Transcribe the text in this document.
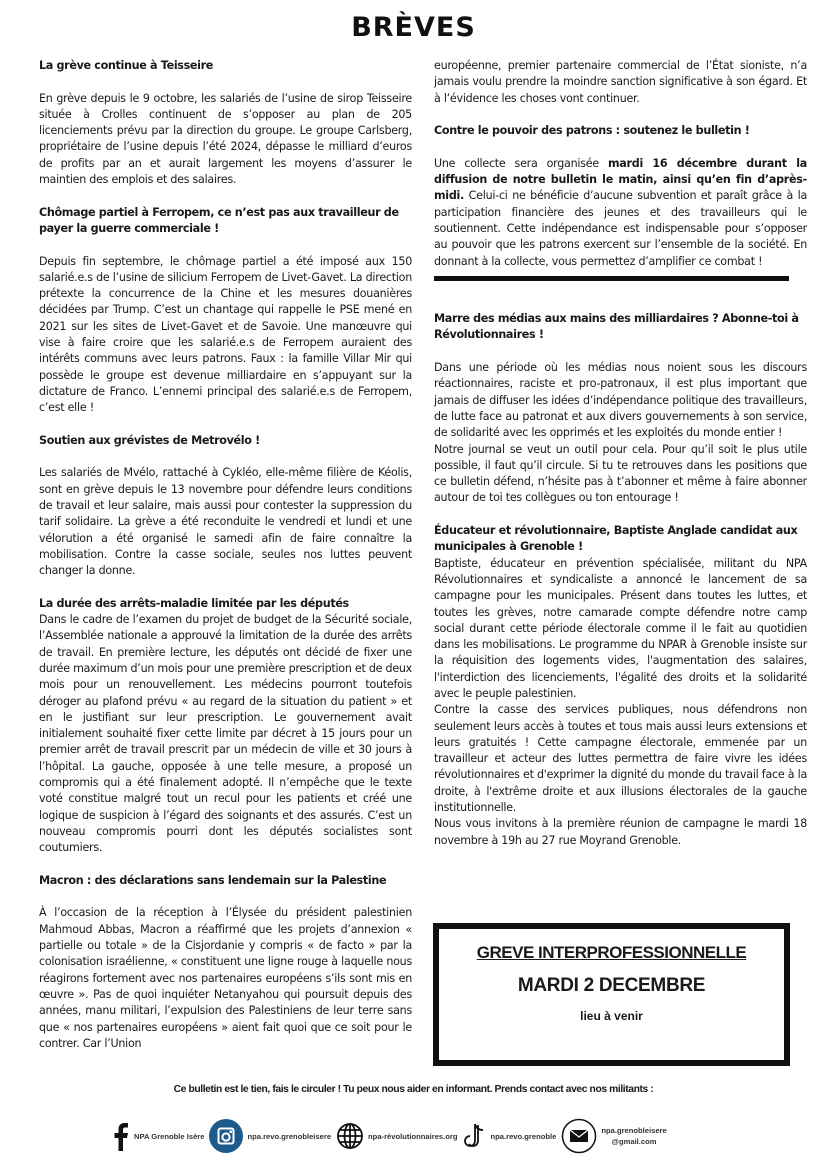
BRÈVES
La grève continue à Teisseire

En grève depuis le 9 octobre, les salariés de l’usine de sirop Teisseire située à Crolles continuent de s’opposer au plan de 205 licenciements prévu par la direction du groupe. Le groupe Carlsberg, propriétaire de l’usine depuis l’été 2024, dépasse le milliard d’euros de profits par an et aurait largement les moyens d’assurer le maintien des emplois et des salaires.

Chômage partiel à Ferropem, ce n’est pas aux travailleur de payer la guerre commerciale !

Depuis fin septembre, le chômage partiel a été imposé aux 150 salarié.e.s de l’usine de silicium Ferropem de Livet-Gavet. La direction prétexte la concurrence de la Chine et les mesures douanières décidées par Trump. C’est un chantage qui rappelle le PSE mené en 2021 sur les sites de Livet-Gavet et de Savoie. Une manœuvre qui vise à faire croire que les salarié.e.s de Ferropem auraient des intérêts communs avec leurs patrons. Faux : la famille Villar Mir qui possède le groupe est devenue milliardaire en s’appuyant sur la dictature de Franco. L’ennemi principal des salarié.e.s de Ferropem, c’est elle !

Soutien aux grévistes de Metrovélo !

Les salariés de Mvélo, rattaché à Cykléo, elle-même filière de Kéolis, sont en grève depuis le 13 novembre pour défendre leurs conditions de travail et leur salaire, mais aussi pour contester la suppression du tarif solidaire. La grève a été reconduite le vendredi et lundi et une vélorution a été organisé le samedi afin de faire connaître la mobilisation. Contre la casse sociale, seules nos luttes peuvent changer la donne.

La durée des arrêts-maladie limitée par les députés

Dans le cadre de l’examen du projet de budget de la Sécurité sociale, l’Assemblée nationale a approuvé la limitation de la durée des arrêts de travail. En première lecture, les députés ont décidé de fixer une durée maximum d’un mois pour une première prescription et de deux mois pour un renouvellement. Les médecins pourront toutefois déroger au plafond prévu « au regard de la situation du patient » et en le justifiant sur leur prescription. Le gouvernement avait initialement souhaité fixer cette limite par décret à 15 jours pour un premier arrêt de travail prescrit par un médecin de ville et 30 jours à l’hôpital. La gauche, opposée à une telle mesure, a proposé un compromis qui a été finalement adopté. Il n’empêche que le texte voté constitue malgré tout un recul pour les patients et créé une logique de suspicion à l’égard des soignants et des assurés. C’est un nouveau compromis pourri dont les députés socialistes sont coutumiers.

Macron : des déclarations sans lendemain sur la Palestine

À l’occasion de la réception à l’Élysée du président palestinien Mahmoud Abbas, Macron a réaffirmé que les projets d’annexion « partielle ou totale » de la Cisjordanie y compris « de facto » par la colonisation israélienne, « constituent une ligne rouge à laquelle nous réagirons fortement avec nos partenaires européens s’ils sont mis en œuvre ». Pas de quoi inquiéter Netanyahou qui poursuit depuis des années, manu militari, l’expulsion des Palestiniens de leur terre sans que « nos partenaires européens » aient fait quoi que ce soit pour le contrer. Car l’Union

européenne, premier partenaire commercial de l’État sioniste, n’a jamais voulu prendre la moindre sanction significative à son égard. Et à l’évidence les choses vont continuer.

Contre le pouvoir des patrons : soutenez le bulletin !

Une collecte sera organisée mardi 16 décembre durant la diffusion de notre bulletin le matin, ainsi qu’en fin d’après-midi. Celui-ci ne bénéficie d’aucune subvention et paraît grâce à la participation financière des jeunes et des travailleurs qui le soutiennent. Cette indépendance est indispensable pour s’opposer au pouvoir que les patrons exercent sur l’ensemble de la société. En donnant à la collecte, vous permettez d’amplifier ce combat !

Marre des médias aux mains des milliardaires ? Abonne-toi à Révolutionnaires !

Dans une période où les médias nous noient sous les discours réactionnaires, raciste et pro-patronaux, il est plus important que jamais de diffuser les idées d’indépendance politique des travailleurs, de lutte face au patronat et aux divers gouvernements à son service, de solidarité avec les opprimés et les exploités du monde entier !

Notre journal se veut un outil pour cela. Pour qu’il soit le plus utile possible, il faut qu’il circule. Si tu te retrouves dans les positions que ce bulletin défend, n’hésite pas à t’abonner et même à faire abonner autour de toi tes collègues ou ton entourage !

Éducateur et révolutionnaire, Baptiste Anglade candidat aux municipales à Grenoble !

Baptiste, éducateur en prévention spécialisée, militant du NPA Révolutionnaires et syndicaliste a annoncé le lancement de sa campagne pour les municipales. Présent dans toutes les luttes, et toutes les grèves, notre camarade compte défendre notre camp social durant cette période électorale comme il le fait au quotidien dans les mobilisations. Le programme du NPAR à Grenoble insiste sur la réquisition des logements vides, l'augmentation des salaires, l'interdiction des licenciements, l'égalité des droits et la solidarité avec le peuple palestinien.

Contre la casse des services publiques, nous défendrons non seulement leurs accès à toutes et tous mais aussi leurs extensions et leurs gratuités ! Cette campagne électorale, emmenée par un travailleur et acteur des luttes permettra de faire vivre les idées révolutionnaires et d'exprimer la dignité du monde du travail face à la droite, à l'extrême droite et aux illusions électorales de la gauche institutionnelle.

Nous vous invitons à la première réunion de campagne le mardi 18 novembre à 19h au 27 rue Moyrand Grenoble.

GREVE INTERPROFESSIONNELLE
MARDI 2 DECEMBRE
lieu à venir
Ce bulletin est le tien, fais le circuler ! Tu peux nous aider en informant. Prends contact avec nos militants :
NPA Grenoble Isère	npa.revo.grenobleisere	npa-révolutionnaires.org	npa.revo.grenoble
npa.grenobleisere
@gmail.com
